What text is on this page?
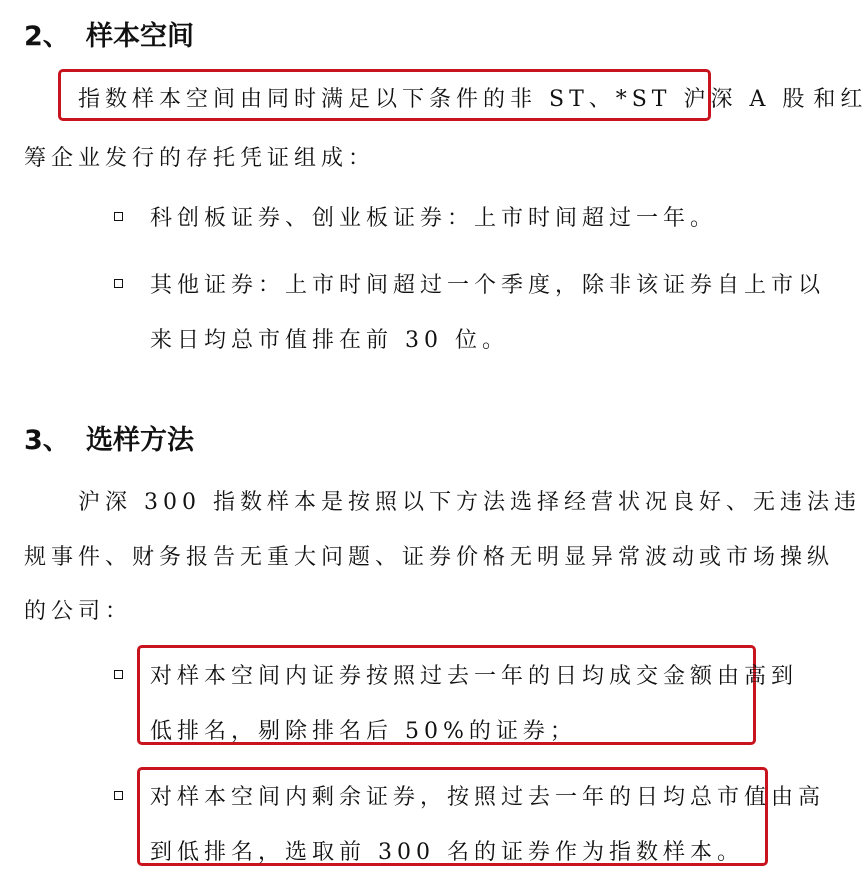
2、 样本空间
指数样本空间由同时满足以下条件的非 ST、*ST 沪深 A 股 和红
筹企业发行的存托凭证组成：
科创板证券、创业板证券：上市时间超过一年。
其他证券：上市时间超过一个季度，除非该证券自上市以
来日均总市值排在前 30 位。
3、 选样方法
沪深 300 指数样本是按照以下方法选择经营状况良好、无违法违
规事件、财务报告无重大问题、证券价格无明显异常波动或市场操纵
的公司：
对样本空间内证券按照过去一年的日均成交金额由高到
低排名，剔除排名后 50%的证券；
对样本空间内剩余证券，按照过去一年的日均总市值由高
到低排名，选取前 300 名的证券作为指数样本。
